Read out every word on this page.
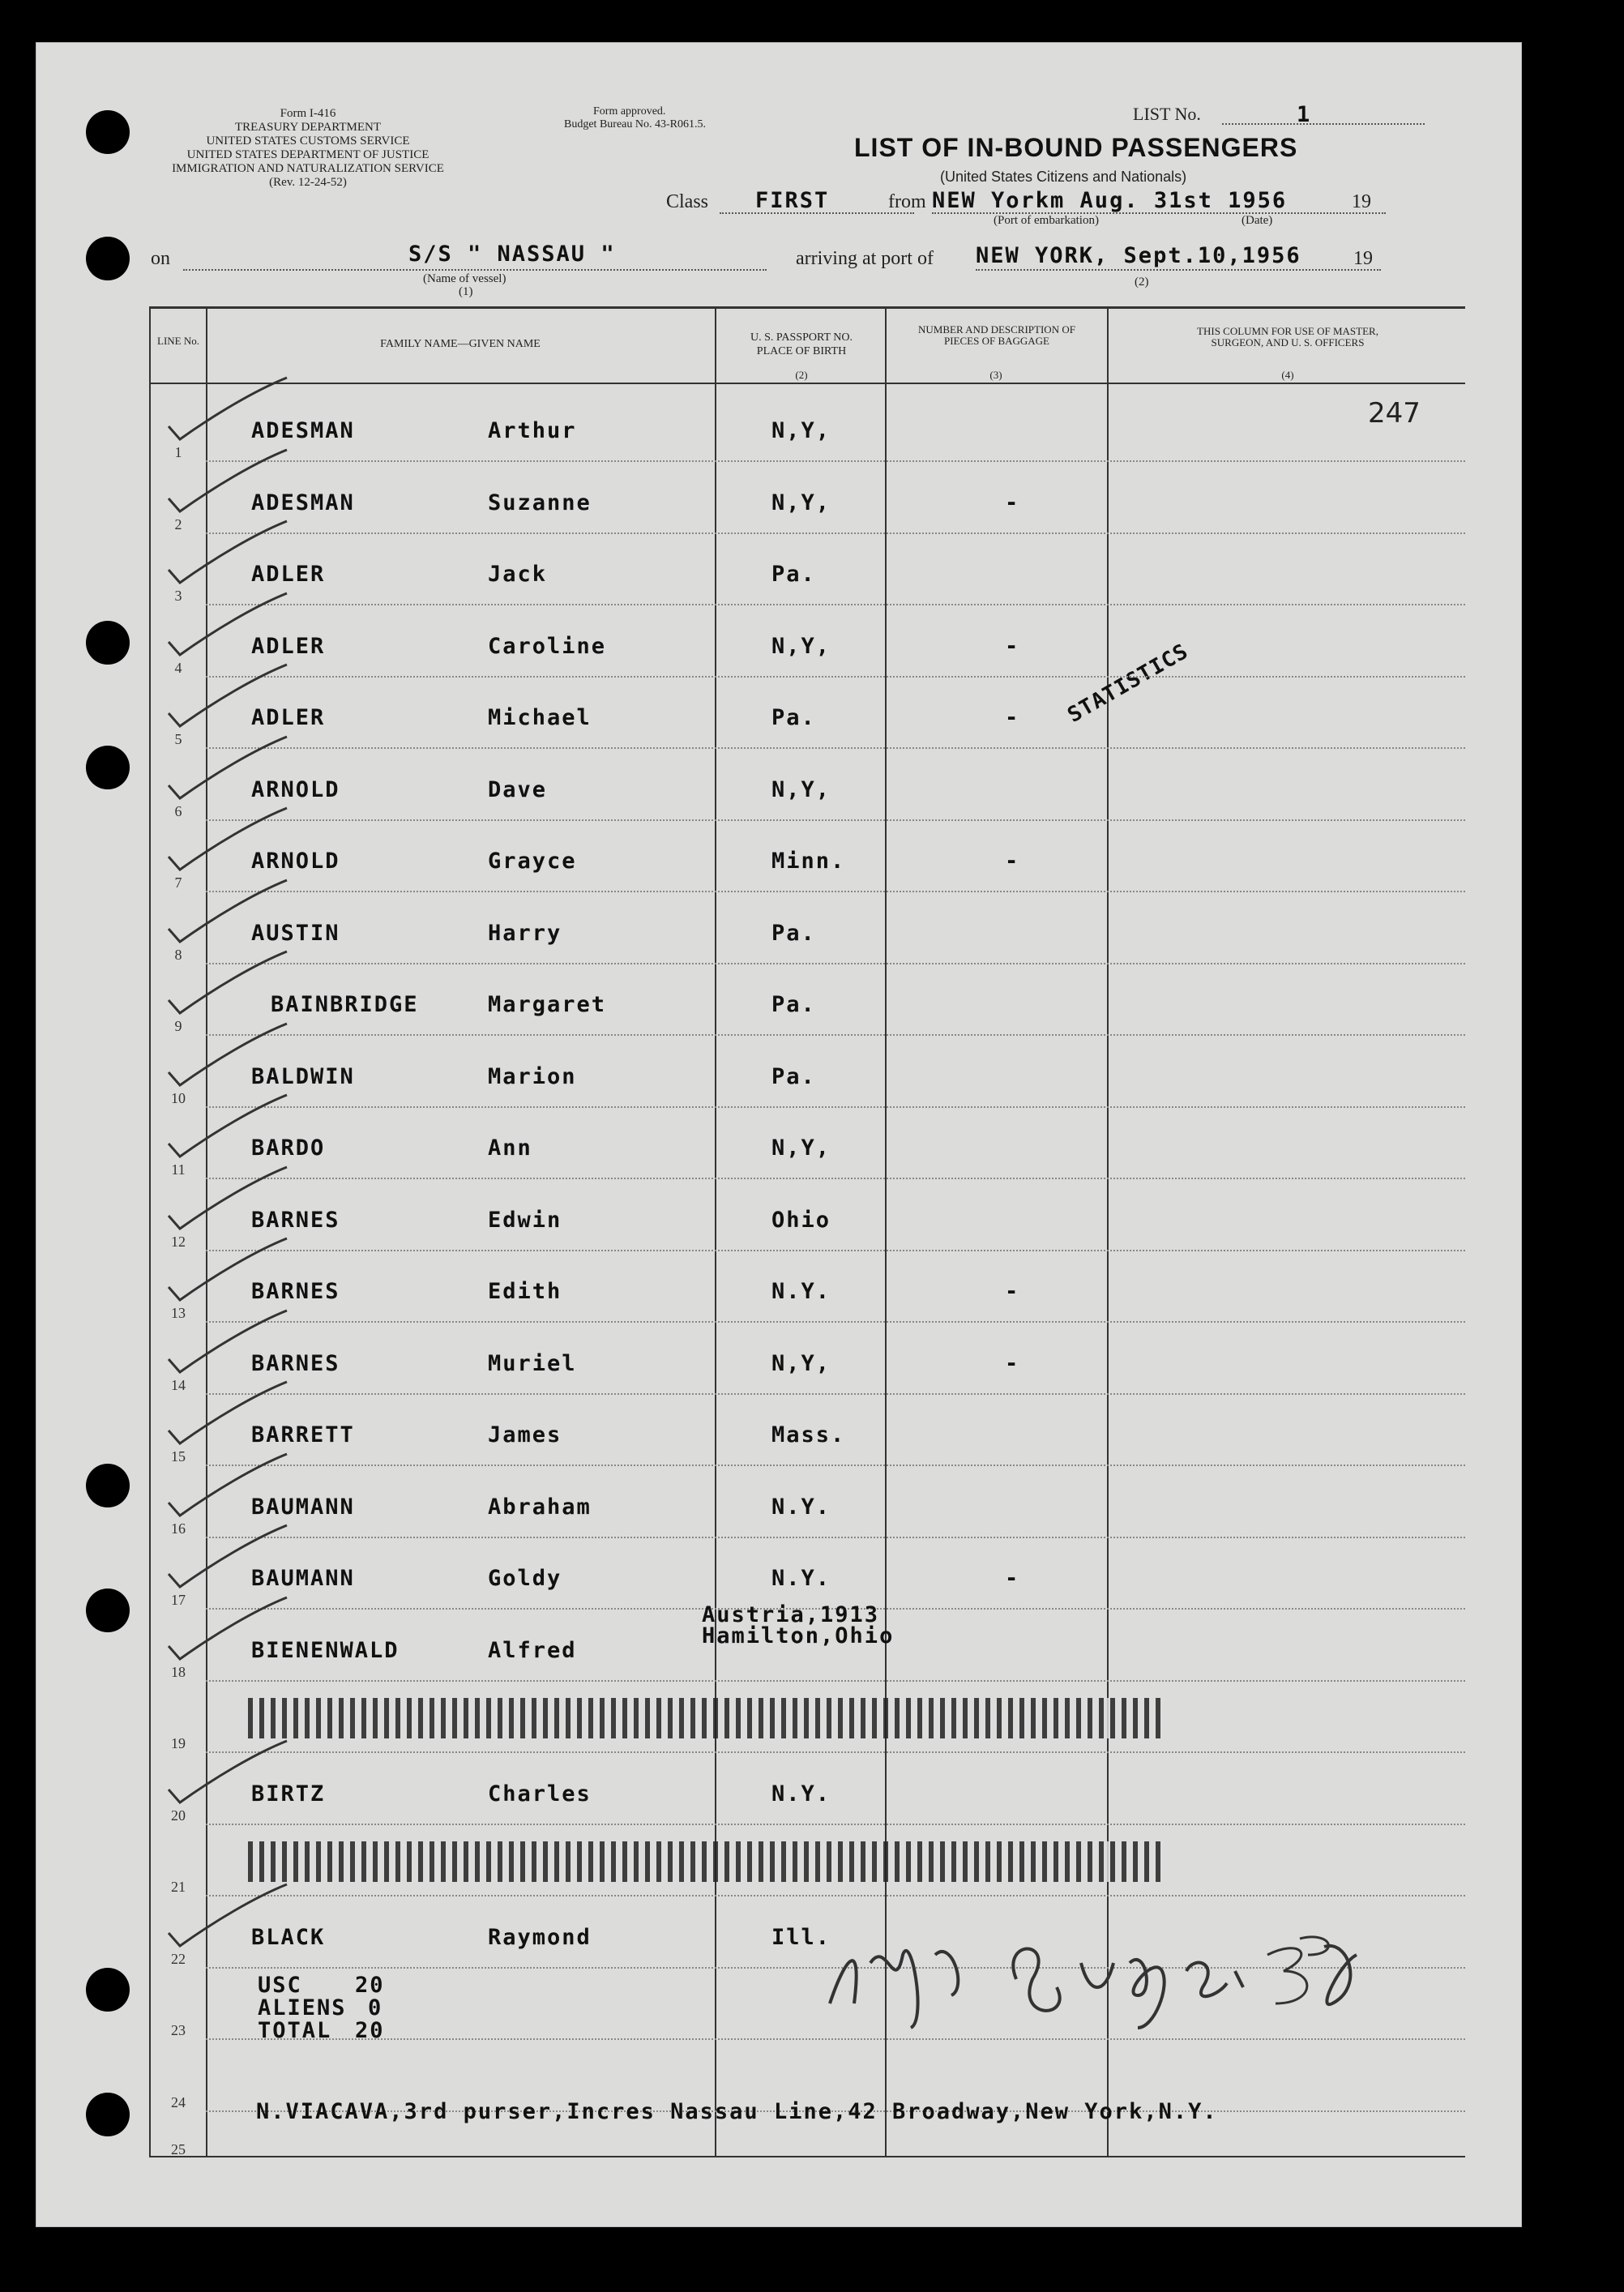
Form I-416
TREASURY DEPARTMENT
UNITED STATES CUSTOMS SERVICE
UNITED STATES DEPARTMENT OF JUSTICE
IMMIGRATION AND NATURALIZATION SERVICE
(Rev. 12-24-52)
Form approved.
Budget Bureau No. 43-R061.5.
LIST No.	1
LIST OF IN-BOUND PASSENGERS
(United States Citizens and Nationals)
Class FIRST	from NEW Yorkm Aug. 31st 1956	19
(Port of embarkation)	(Date)
on	S/S " NASSAU "
(Name of vessel)
(1)
arriving at port of NEW YORK, Sept.10,1956	19
(2)
LINE No.	FAMILY NAME—GIVEN NAME
U. S. PASSPORT NO. PLACE OF BIRTH
(2)
NUMBER AND DESCRIPTION OF PIECES OF BAGGAGE
(3)
THIS COLUMN FOR USE OF MASTER, SURGEON, AND U. S. OFFICERS
(4)
247
STATISTICS
1
ADESMAN	Arthur	N,Y,
2
ADESMAN	Suzanne	N,Y,	-
3
ADLER	Jack	Pa.
4
ADLER	Caroline	N,Y,	-
5
ADLER	Michael	Pa.	-
6
ARNOLD	Dave	N,Y,
7
ARNOLD	Grayce	Minn.	-
8
AUSTIN	Harry	Pa.
9
BAINBRIDGE	Margaret	Pa.
10
BALDWIN	Marion	Pa.
11
BARDO	Ann	N,Y,
12
BARNES	Edwin	Ohio
13
BARNES	Edith	N.Y.	-
14
BARNES	Muriel	N,Y,	-
15
BARRETT	James	Mass.
16
BAUMANN	Abraham	N.Y.
17
BAUMANN	Goldy	N.Y.	-
18
BIENENWALD	Alfred
Austria,1913
Hamilton,Ohio
19
20
BIRTZ	Charles	N.Y.
21
22
BLACK	Raymond	Ill.
23
24
25
USC 20
ALIENS 0
TOTAL 20
N.VIACAVA,3rd purser,Incres Nassau Line,42 Broadway,New York,N.Y.
